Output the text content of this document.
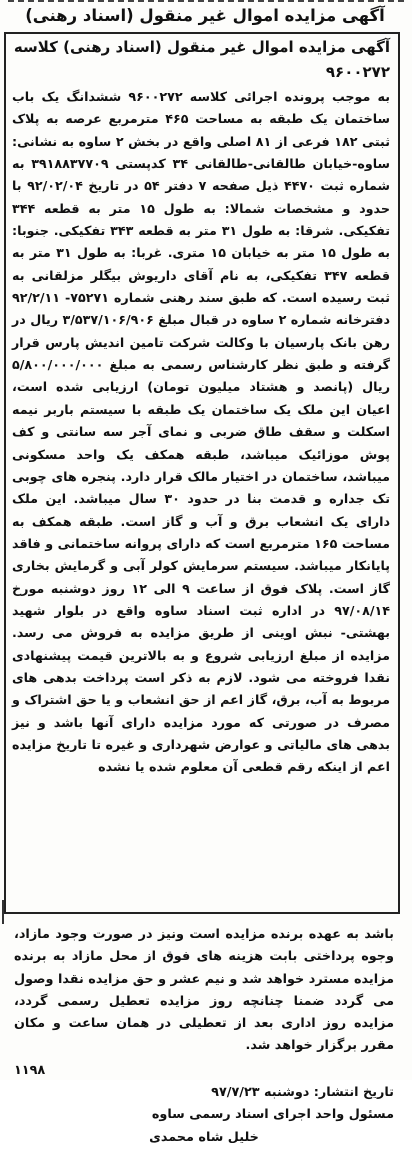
آگهی مزایده اموال غیر منقول (اسناد رهنی)

آگهی مزایده اموال غیر منقول (اسناد رهنی) کلاسه

۹۶۰۰۲۷۲

به موجب پرونده اجرائی کلاسه ۹۶۰۰۲۷۲ ششدانگ یک باب ساختمان یک طبقه به مساحت ۴۶۵ مترمربع عرصه به پلاک ثبتی ۱۸۲ فرعی از ۸۱ اصلی واقع در بخش ۲ ساوه به نشانی: ساوه-خیابان طالقانی-طالقانی ۳۴ کدپستی ۳۹۱۸۸۳۷۷۰۹ به شماره ثبت ۴۴۷۰ ذیل صفحه ۷ دفتر ۵۴ در تاریخ ۹۲/۰۲/۰۴ با حدود و مشخصات شمالا: به طول ۱۵ متر به قطعه ۳۴۴ تفکیکی. شرقا: به طول ۳۱ متر به قطعه ۳۴۳ تفکیکی. جنوبا: به طول ۱۵ متر به خیابان ۱۵ متری. غربا: به طول ۳۱ متر به قطعه ۳۴۷ تفکیکی، به نام آقای داریوش بیگلر مزلقانی به ثبت رسیده است. که طبق سند رهنی شماره ۷۵۲۷۱- ۹۲/۲/۱۱ دفترخانه شماره ۲ ساوه در قبال مبلغ ۳/۵۳۷/۱۰۶/۹۰۶ ریال در رهن بانک پارسیان با وکالت شرکت تامین اندیش پارس قرار گرفته و طبق نظر کارشناس رسمی به مبلغ ۵/۸۰۰/۰۰۰/۰۰۰ ریال (پانصد و هشتاد میلیون تومان) ارزیابی شده است، اعیان این ملک یک ساختمان یک طبقه با سیستم باربر نیمه اسکلت و سقف طاق ضربی و نمای آجر سه سانتی و کف پوش موزائیک میباشد، طبقه همکف یک واحد مسکونی میباشد، ساختمان در اختیار مالک قرار دارد. پنجره های چوبی تک جداره و قدمت بنا در حدود ۳۰ سال میباشد. این ملک دارای یک انشعاب برق و آب و گاز است. طبقه همکف به مساحت ۱۶۵ مترمربع است که دارای پروانه ساختمانی و فاقد پایانکار میباشد. سیستم سرمایش کولر آبی و گرمایش بخاری گاز است. پلاک فوق از ساعت ۹ الی ۱۲ روز دوشنبه مورخ ۹۷/۰۸/۱۴ در اداره ثبت اسناد ساوه واقع در بلوار شهید بهشتی- نبش اوینی از طریق مزایده به فروش می رسد. مزایده از مبلغ ارزیابی شروع و به بالاترین قیمت پیشنهادی نقدا فروخته می شود. لازم به ذکر است پرداخت بدهی های مربوط به آب، برق، گاز اعم از حق انشعاب و یا حق اشتراک و مصرف در صورتی که مورد مزایده دارای آنها باشد و نیز بدهی های مالیاتی و عوارض شهرداری و غیره تا تاریخ مزایده اعم از اینکه رقم قطعی آن معلوم شده یا نشده

باشد به عهده برنده مزایده است ونیز در صورت وجود مازاد، وجوه پرداختی بابت هزینه های فوق از محل مازاد به برنده مزایده مسترد خواهد شد و نیم عشر و حق مزایده نقدا وصول می گردد ضمنا چنانچه روز مزایده تعطیل رسمی گردد، مزایده روز اداری بعد از تعطیلی در همان ساعت و مکان مقرر برگزار خواهد شد.

۱۱۹۸

تاریخ انتشار: دوشنبه ۹۷/۷/۲۳

مسئول واحد اجرای اسناد رسمی ساوه

خلیل شاه محمدی
